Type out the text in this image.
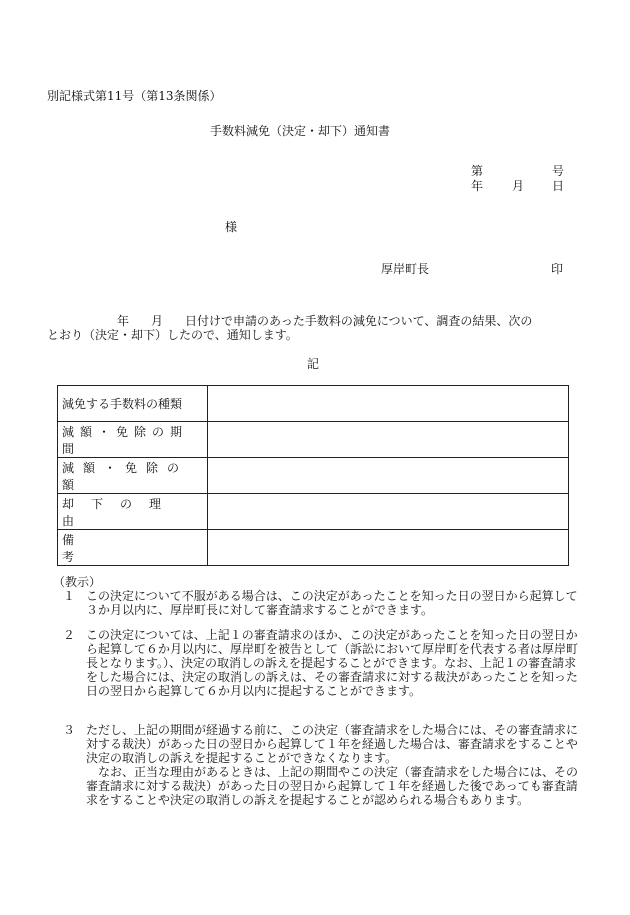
別記様式第11号（第13条関係）
手数料減免（決定・却下）通知書
第	号
年 月 日
様
厚岸町長	印
年 月 日付けで申請のあった手数料の減免について、調査の結果、次の
とおり（決定・却下）したので、通知します。
記
減免する手数料の種類	
減額・免除の期間	
減額・免除の額	
却下の理由	
備考	
（教示）
１ この決定について不服がある場合は、この決定があったことを知った日の翌日から起算して３か月以内に、厚岸町長に対して審査請求することができます。
２ この決定については、上記１の審査請求のほか、この決定があったことを知った日の翌日から起算して６か月以内に、厚岸町を被告として（訴訟において厚岸町を代表する者は厚岸町長となります。）、決定の取消しの訴えを提起することができます。なお、上記１の審査請求をした場合には、決定の取消しの訴えは、その審査請求に対する裁決があったことを知った日の翌日から起算して６か月以内に提起することができます。
３ ただし、上記の期間が経過する前に、この決定（審査請求をした場合には、その審査請求に対する裁決）があった日の翌日から起算して１年を経過した場合は、審査請求をすることや決定の取消しの訴えを提起することができなくなります。

なお、正当な理由があるときは、上記の期間やこの決定（審査請求をした場合には、その審査請求に対する裁決）があった日の翌日から起算して１年を経過した後であっても審査請求をすることや決定の取消しの訴えを提起することが認められる場合もあります。
